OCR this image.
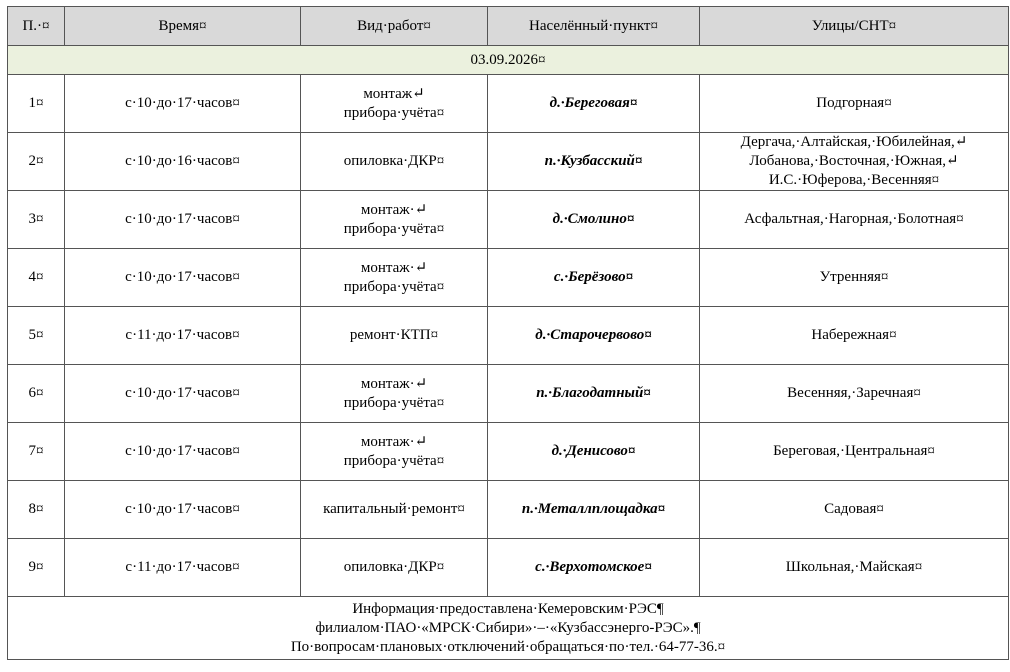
П.·¤	Время¤	Вид·работ¤	Населённый·пункт¤	Улицы/СНТ¤
03.09.2026¤				
1¤	с·10·до·17·часов¤	монтаж↵
прибора·учёта¤	д.·Береговая¤	Подгорная¤

2¤	с·10·до·16·часов¤	опиловка·ДКР¤	п.·Кузбасский¤	Дергача,·Алтайская,·Юбилейная,↵
Лобанова,·Восточная,·Южная,↵
И.С.·Юферова,·Весенняя¤

3¤	с·10·до·17·часов¤	монтаж·↵
прибора·учёта¤	д.·Смолино¤	Асфальтная,·Нагорная,·Болотная¤

4¤	с·10·до·17·часов¤	монтаж·↵
прибора·учёта¤	с.·Берёзово¤	Утренняя¤

5¤	с·11·до·17·часов¤	ремонт·КТП¤	д.·Старочервово¤	Набережная¤

6¤	с·10·до·17·часов¤	монтаж·↵
прибора·учёта¤	п.·Благодатный¤	Весенняя,·Заречная¤

7¤	с·10·до·17·часов¤	монтаж·↵
прибора·учёта¤	д.·Денисово¤	Береговая,·Центральная¤

8¤	с·10·до·17·часов¤	капитальный·ремонт¤	п.·Металлплощадка¤	Садовая¤

9¤	с·11·до·17·часов¤	опиловка·ДКР¤	с.·Верхотомское¤	Школьная,·Майская¤

Информация·предоставлена·Кемеровским·РЭС¶
филиалом·ПАО·«МРСК·Сибири»·–·«Кузбассэнерго-РЭС».¶
По·вопросам·плановых·отключений·обращаться·по·тел.·64-77-36.¤				
